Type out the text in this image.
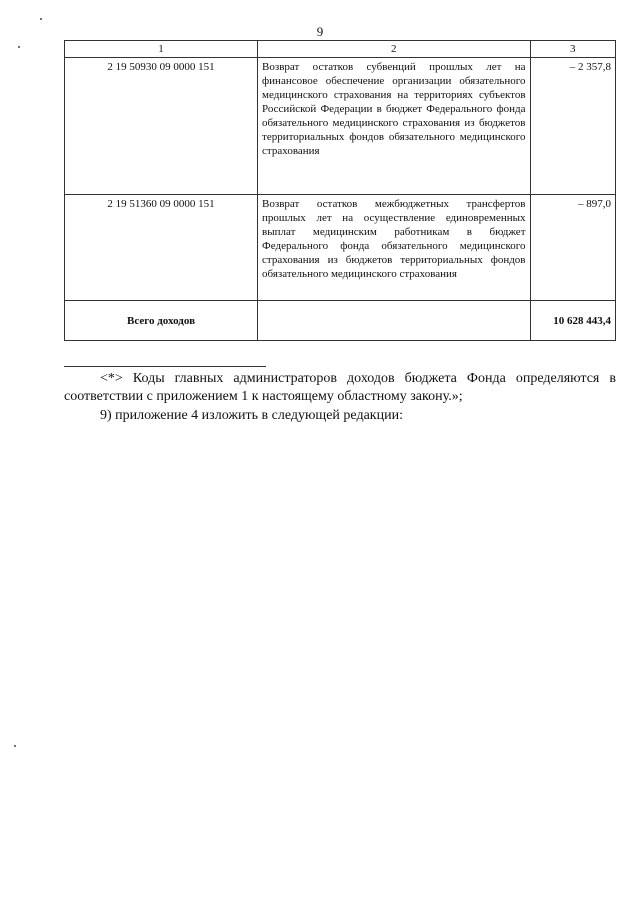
9
1	2	3
2 19 50930 09 0000 151	Возврат остатков субвенций прошлых лет на финансовое обеспечение организации обязательного медицинского страхования на территориях субъектов Российской Федерации в бюджет Федерального фонда обязательного медицинского страхования из бюджетов территориальных фондов обязательного медицинского страхования	– 2 357,8
2 19 51360 09 0000 151	Возврат остатков межбюджетных трансфертов прошлых лет на осуществление единовременных выплат медицинским работникам в бюджет Федерального фонда обязательного медицинского страхования из бюджетов территориальных фондов обязательного медицинского страхования	– 897,0
Всего доходов		10 628 443,4
<*> Коды главных администраторов доходов бюджета Фонда определяются в соответствии с приложением 1 к настоящему областному закону.»;
9) приложение 4 изложить в следующей редакции:
